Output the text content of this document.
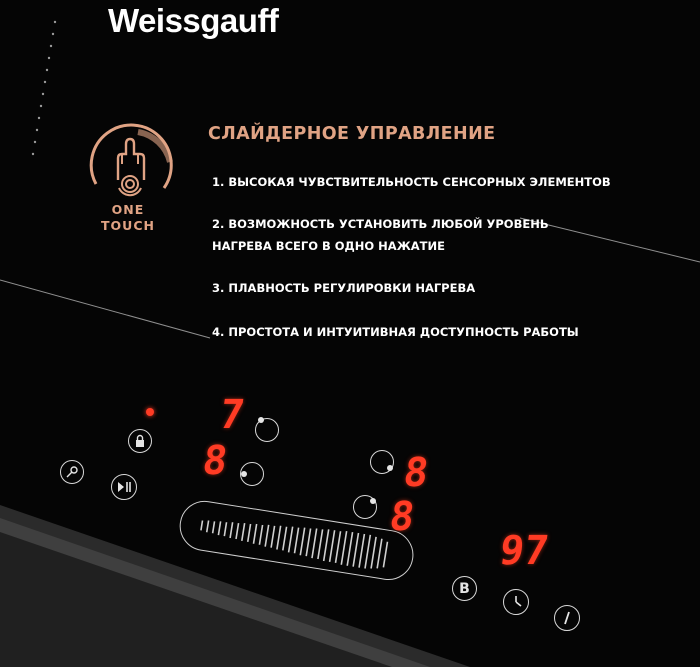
Weissgauff
ONE
TOUCH
СЛАЙДЕРНОЕ УПРАВЛЕНИЕ
1. ВЫСОКАЯ ЧУВСТВИТЕЛЬНОСТЬ СЕНСОРНЫХ ЭЛЕМЕНТОВ
2. ВОЗМОЖНОСТЬ УСТАНОВИТЬ ЛЮБОЙ УРОВЕНЬ НАГРЕВА ВСЕГО В ОДНО НАЖАТИЕ
3. ПЛАВНОСТЬ РЕГУЛИРОВКИ НАГРЕВА
4. ПРОСТОТА И ИНТУИТИВНАЯ ДОСТУПНОСТЬ РАБОТЫ
7
8	8
8
97
B
